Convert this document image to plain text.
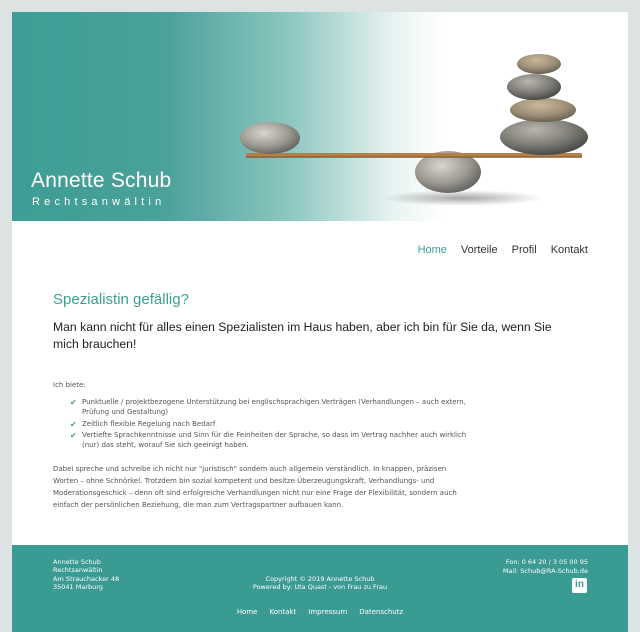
Annette Schub
Rechtsanwältin
Home Vorteile Profil Kontakt
Spezialistin gefällig?

Man kann nicht für alles einen Spezialisten im Haus haben, aber ich bin für Sie da, wenn Sie mich brauchen!

Ich biete:

✔ Punktuelle / projektbezogene Unterstützung bei englischsprachigen Verträgen (Verhandlungen – auch extern, Prüfung und Gestaltung)
✔ Zeitlich flexible Regelung nach Bedarf
✔ Vertiefte Sprachkenntnisse und Sinn für die Feinheiten der Sprache, so dass im Vertrag nachher auch wirklich (nur) das steht, worauf Sie sich geeinigt haben.

Dabei spreche und schreibe ich nicht nur "juristisch" sondern auch allgemein verständlich. In knappen, präzisen Worten – ohne Schnörkel. Trotzdem bin sozial kompetent und besitze Überzeugungskraft, Verhandlungs- und Moderationsgeschick – denn oft sind erfolgreiche Verhandlungen nicht nur eine Frage der Flexibilität, sondern auch einfach der persönlichen Beziehung, die man zum Vertragspartner aufbauen kann.

Annette Schub
Rechtsanwältin
Am Strauchacker 48
35041 Marburg
Copyright © 2019 Annette Schub
Powered by: Uta Quast - von Frau zu Frau
Fon: 0 64 20 / 3 05 00 95
Mail: Schub@RA-Schub.de
in
Home Kontakt Impressum Datenschutz
